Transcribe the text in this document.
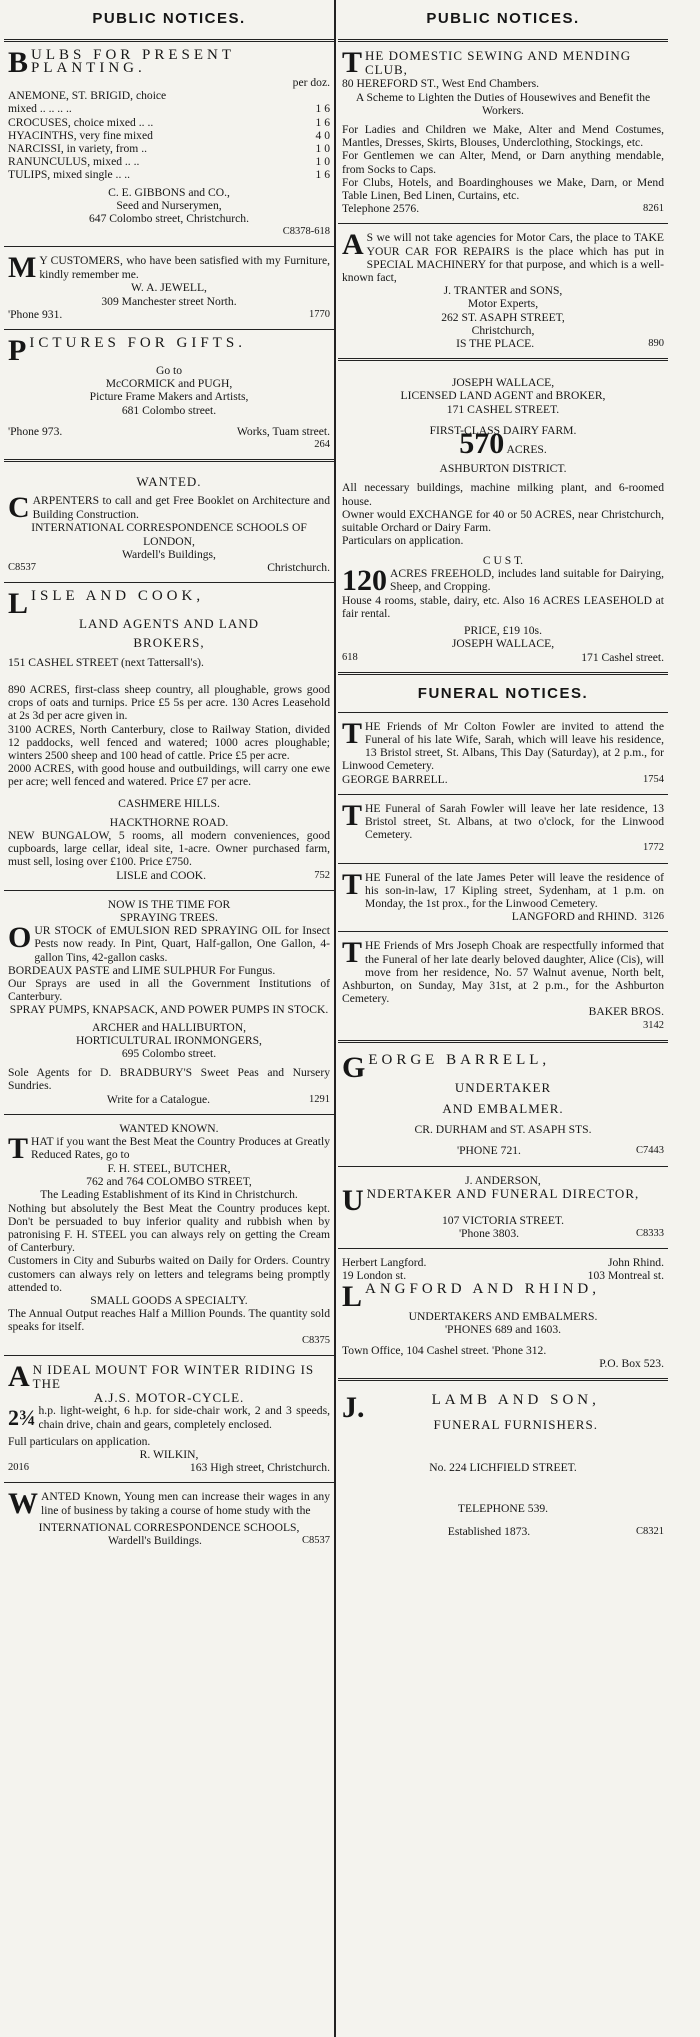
PUBLIC NOTICES.
BULBS FOR PRESENT PLANTING.
per doz.
ANEMONE, ST. BRIGID, choice
mixed .. .. .. ..	1 6
CROCUSES, choice mixed .. ..	1 6
HYACINTHS, very fine mixed	4 0
NARCISSI, in variety, from ..	1 0
RANUNCULUS, mixed .. ..	1 0
TULIPS, mixed single .. ..	1 6
C. E. GIBBONS and CO.,
Seed and Nurserymen,
647 Colombo street, Christchurch.
C8378-618
M Y CUSTOMERS, who have been satisfied with my Furniture, kindly remember me.
W. A. JEWELL,
309 Manchester street North.
'Phone 931.	1770
PICTURES FOR GIFTS.
Go to
McCORMICK and PUGH,
Picture Frame Makers and Artists,
681 Colombo street.
'Phone 973.	Works, Tuam street.
264
WANTED.
CARPENTERS to call and get Free Booklet on Architecture and Building Construction.
INTERNATIONAL CORRESPONDENCE SCHOOLS OF LONDON,
Wardell's Buildings,
C8537	Christchurch.
LISLE AND COOK,
LAND AGENTS AND LAND
BROKERS,
151 CASHEL STREET (next Tattersall's).
890 ACRES, first-class sheep country, all ploughable, grows good crops of oats and turnips. Price £5 5s per acre. 130 Acres Leasehold at 2s 3d per acre given in.
3100 ACRES, North Canterbury, close to Railway Station, divided 12 paddocks, well fenced and watered; 1000 acres ploughable; winters 2500 sheep and 100 head of cattle. Price £5 per acre.
2000 ACRES, with good house and outbuildings, will carry one ewe per acre; well fenced and watered. Price £7 per acre.
CASHMERE HILLS.
HACKTHORNE ROAD.
NEW BUNGALOW, 5 rooms, all modern conveniences, good cupboards, large cellar, ideal site, 1-acre. Owner purchased farm, must sell, losing over £100. Price £750.
LISLE and COOK.	752
NOW IS THE TIME FOR
SPRAYING TREES.
OUR STOCK of EMULSION RED SPRAYING OIL for Insect Pests now ready. In Pint, Quart, Half-gallon, One Gallon, 4-gallon Tins, 42-gallon casks.
BORDEAUX PASTE and LIME SULPHUR For Fungus.
Our Sprays are used in all the Government Institutions of Canterbury.
SPRAY PUMPS, KNAPSACK, AND POWER PUMPS IN STOCK.
ARCHER and HALLIBURTON,
HORTICULTURAL IRONMONGERS,
695 Colombo street.
Sole Agents for D. BRADBURY'S Sweet Peas and Nursery Sundries.
Write for a Catalogue.	1291
WANTED KNOWN.
THAT if you want the Best Meat the Country Produces at Greatly Reduced Rates, go to
F. H. STEEL, BUTCHER,
762 and 764 COLOMBO STREET,
The Leading Establishment of its Kind in Christchurch.
Nothing but absolutely the Best Meat the Country produces kept. Don't be persuaded to buy inferior quality and rubbish when by patronising F. H. STEEL you can always rely on getting the Cream of Canterbury.
Customers in City and Suburbs waited on Daily for Orders. Country customers can always rely on letters and telegrams being promptly attended to.
SMALL GOODS A SPECIALTY.
The Annual Output reaches Half a Million Pounds. The quantity sold speaks for itself.
C8375
A N IDEAL MOUNT FOR WINTER RIDING IS THE
A.J.S. MOTOR-CYCLE.
2¾ h.p. light-weight, 6 h.p. for side-chair work, 2 and 3 speeds, chain drive, chain and gears, completely enclosed.
Full particulars on application.
R. WILKIN,
2016	163 High street, Christchurch.
WANTED Known, Young men can increase their wages in any line of business by taking a course of home study with the
INTERNATIONAL CORRESPONDENCE SCHOOLS,
Wardell's Buildings.	C8537
PUBLIC NOTICES.
THE DOMESTIC SEWING AND MENDING CLUB,
80 HEREFORD ST., West End Chambers.
A Scheme to Lighten the Duties of Housewives and Benefit the Workers.
For Ladies and Children we Make, Alter and Mend Costumes, Mantles, Dresses, Skirts, Blouses, Underclothing, Stockings, etc.
For Gentlemen we can Alter, Mend, or Darn anything mendable, from Socks to Caps.
For Clubs, Hotels, and Boardinghouses we Make, Darn, or Mend Table Linen, Bed Linen, Curtains, etc.
Telephone 2576.	8261
A S we will not take agencies for Motor Cars, the place to TAKE YOUR CAR FOR REPAIRS is the place which has put in SPECIAL MACHINERY for that purpose, and which is a well-known fact,
J. TRANTER and SONS,
Motor Experts,
262 ST. ASAPH STREET,
Christchurch,
IS THE PLACE.	890
JOSEPH WALLACE,
LICENSED LAND AGENT and BROKER,
171 CASHEL STREET.
FIRST-CLASS DAIRY FARM.
570 ACRES.
ASHBURTON DISTRICT.
All necessary buildings, machine milking plant, and 6-roomed house.
Owner would EXCHANGE for 40 or 50 ACRES, near Christchurch, suitable Orchard or Dairy Farm.
Particulars on application.
C U S T.
120 ACRES FREEHOLD, includes land suitable for Dairying, Sheep, and Cropping.
House 4 rooms, stable, dairy, etc. Also 16 ACRES LEASEHOLD at fair rental.
PRICE, £19 10s.
JOSEPH WALLACE,
618	171 Cashel street.
FUNERAL NOTICES.
THE Friends of Mr Colton Fowler are invited to attend the Funeral of his late Wife, Sarah, which will leave his residence, 13 Bristol street, St. Albans, This Day (Saturday), at 2 p.m., for Linwood Cemetery.
GEORGE BARRELL.	1754
THE Funeral of Sarah Fowler will leave her late residence, 13 Bristol street, St. Albans, at two o'clock, for the Linwood Cemetery.
1772
THE Funeral of the late James Peter will leave the residence of his son-in-law, 17 Kipling street, Sydenham, at 1 p.m. on Monday, the 1st prox., for the Linwood Cemetery.
LANGFORD and RHIND. 3126
THE Friends of Mrs Joseph Choak are respectfully informed that the Funeral of her late dearly beloved daughter, Alice (Cis), will move from her residence, No. 57 Walnut avenue, North belt, Ashburton, on Sunday, May 31st, at 2 p.m., for the Ashburton Cemetery.
BAKER BROS.
3142
GEORGE BARRELL,
UNDERTAKER
AND EMBALMER.
CR. DURHAM and ST. ASAPH STS.
'PHONE 721.	C7443
J. ANDERSON,
UNDERTAKER AND FUNERAL DIRECTOR,
107 VICTORIA STREET.
'Phone 3803.	C8333
Herbert Langford.	John Rhind.
19 London st.	103 Montreal st.
LANGFORD AND RHIND,
UNDERTAKERS AND EMBALMERS.
'PHONES 689 and 1603.
Town Office, 104 Cashel street. 'Phone 312.
P.O. Box 523.
J.	LAMB AND SON,
FUNERAL FURNISHERS.
No. 224 LICHFIELD STREET.
TELEPHONE 539.
Established 1873.	C8321
